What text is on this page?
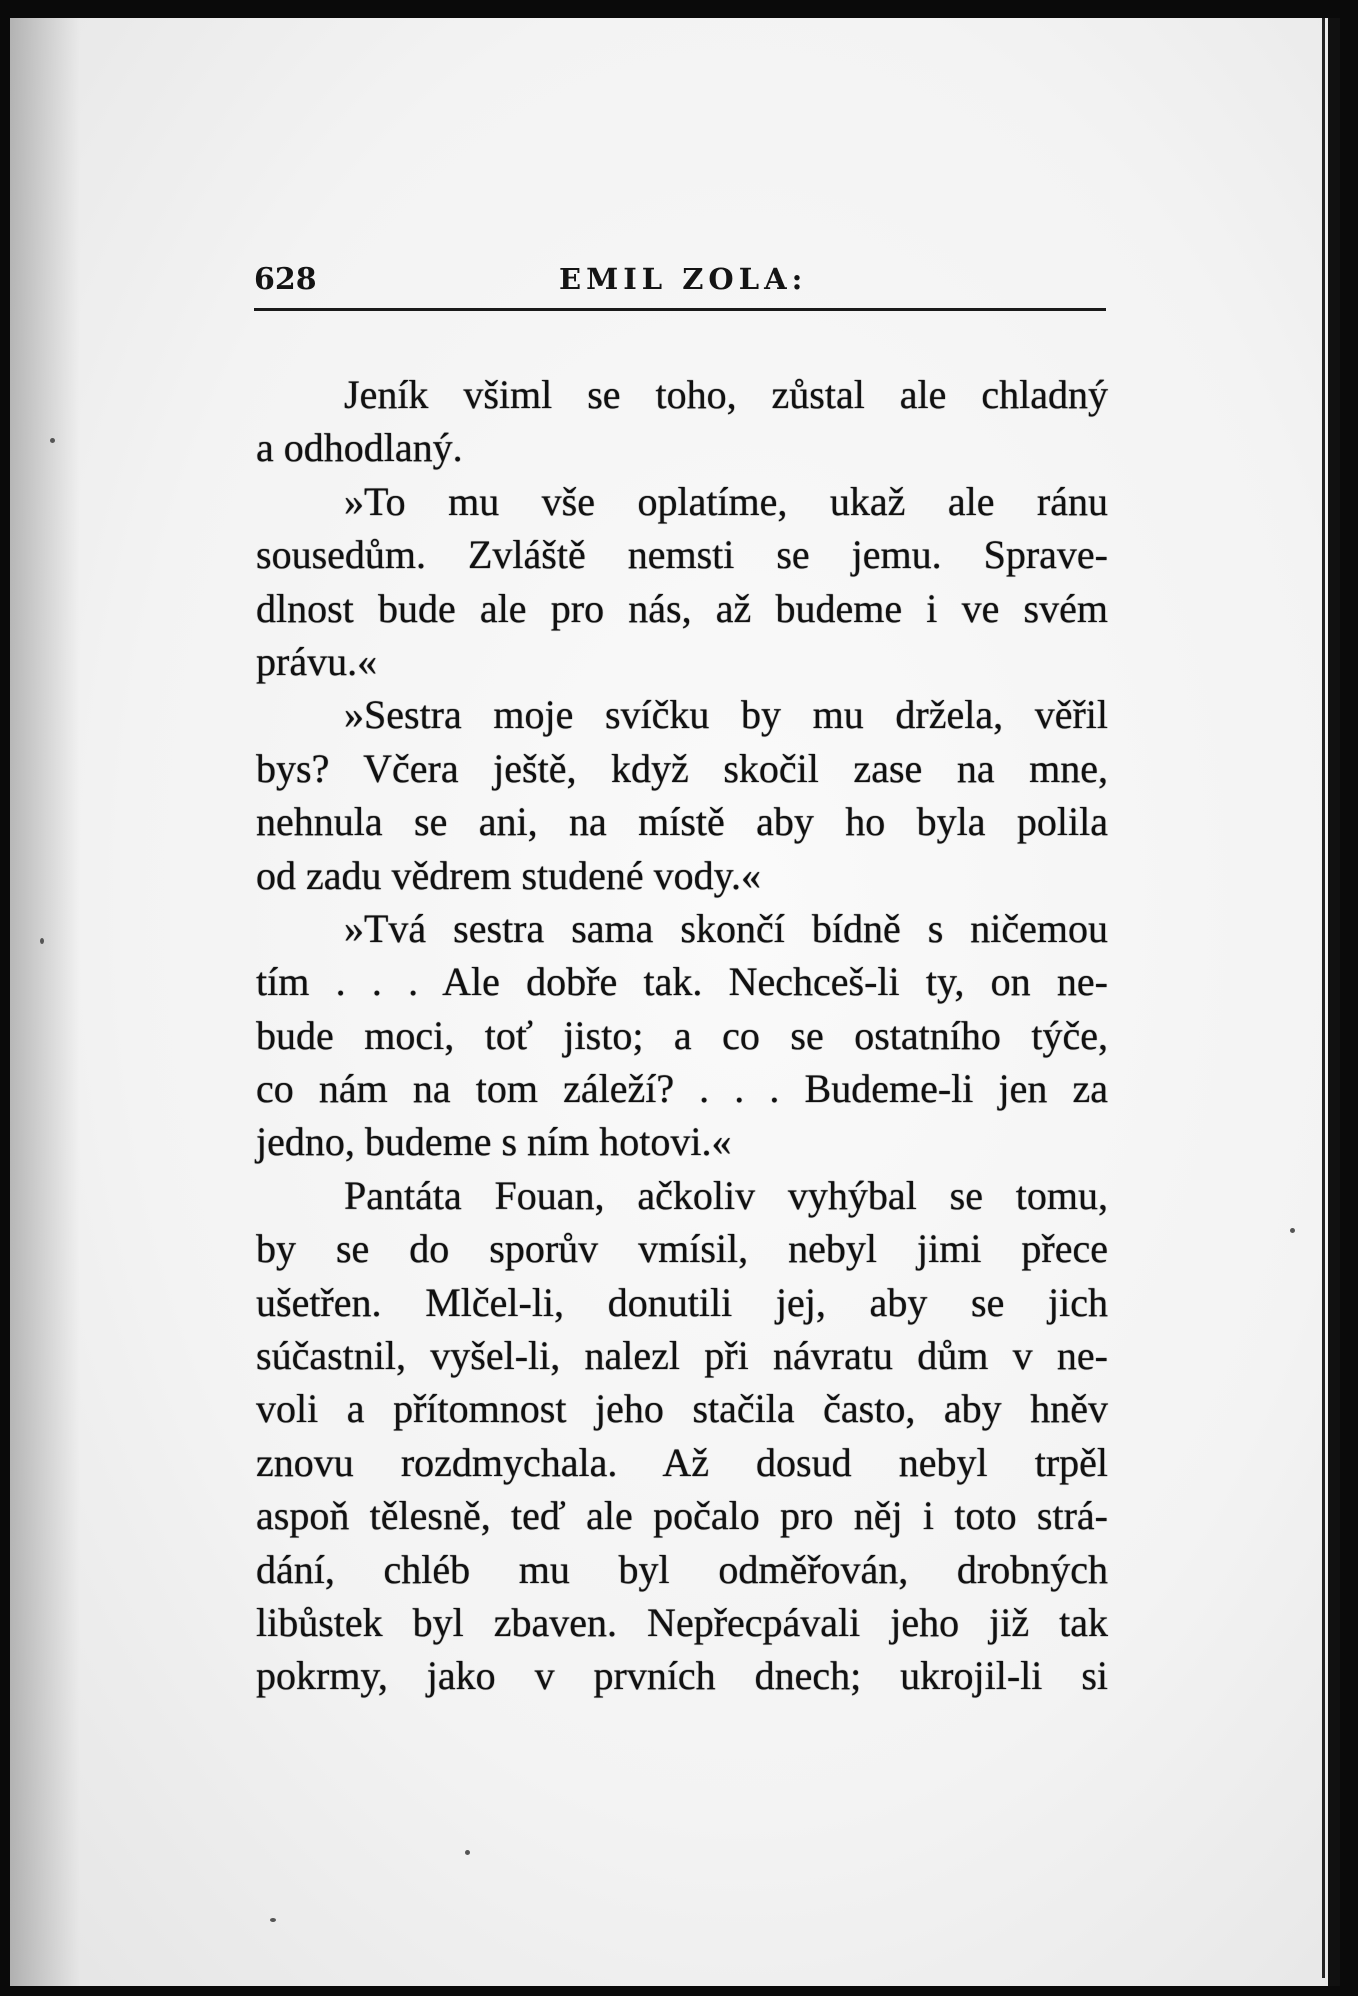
628	EMIL ZOLA:
Jeník všiml se toho, zůstal ale chladný
a odhodlaný.
»To mu vše oplatíme, ukaž ale ránu
sousedům. Zvláště nemsti se jemu. Sprave-
dlnost bude ale pro nás, až budeme i ve svém
právu.«
»Sestra moje svíčku by mu držela, věřil
bys? Včera ještě, když skočil zase na mne,
nehnula se ani, na místě aby ho byla polila
od zadu vědrem studené vody.«
»Tvá sestra sama skončí bídně s ničemou
tím . . . Ale dobře tak. Nechceš-li ty, on ne-
bude moci, toť jisto; a co se ostatního týče,
co nám na tom záleží? . . . Budeme-li jen za
jedno, budeme s ním hotovi.«
Pantáta Fouan, ačkoliv vyhýbal se tomu,
by se do sporův vmísil, nebyl jimi přece
ušetřen. Mlčel-li, donutili jej, aby se jich
súčastnil, vyšel-li, nalezl při návratu dům v ne-
voli a přítomnost jeho stačila často, aby hněv
znovu rozdmychala. Až dosud nebyl trpěl
aspoň tělesně, teď ale počalo pro něj i toto strá-
dání, chléb mu byl odměřován, drobných
libůstek byl zbaven. Nepřecpávali jeho již tak
pokrmy, jako v prvních dnech; ukrojil-li si
